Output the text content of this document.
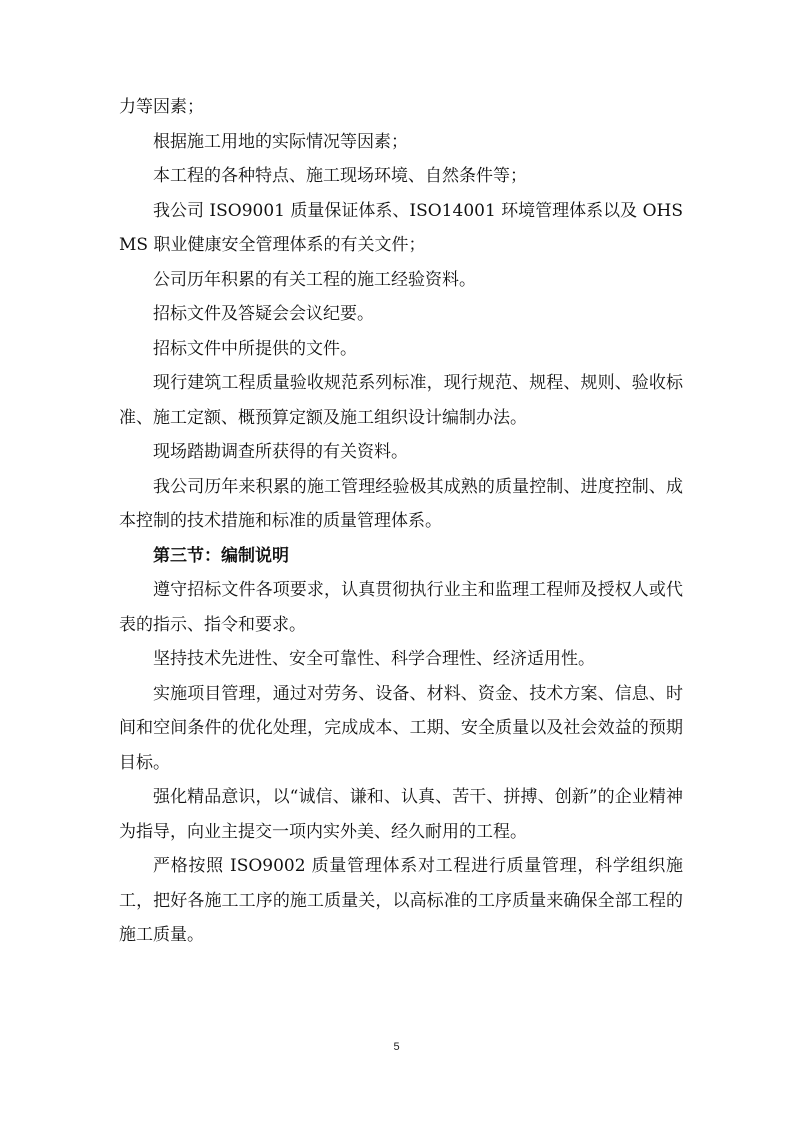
力等因素；

根据施工用地的实际情况等因素；

本工程的各种特点、施工现场环境、自然条件等；

我公司 ISO9001 质量保证体系、ISO14001 环境管理体系以及 OHSMS 职业健康安全管理体系的有关文件；

公司历年积累的有关工程的施工经验资料。

招标文件及答疑会会议纪要。

招标文件中所提供的文件。

现行建筑工程质量验收规范系列标准，现行规范、规程、规则、验收标准、施工定额、概预算定额及施工组织设计编制办法。

现场踏勘调查所获得的有关资料。

我公司历年来积累的施工管理经验极其成熟的质量控制、进度控制、成本控制的技术措施和标准的质量管理体系。

第三节：编制说明

遵守招标文件各项要求，认真贯彻执行业主和监理工程师及授权人或代表的指示、指令和要求。

坚持技术先进性、安全可靠性、科学合理性、经济适用性。

实施项目管理，通过对劳务、设备、材料、资金、技术方案、信息、时间和空间条件的优化处理，完成成本、工期、安全质量以及社会效益的预期目标。

强化精品意识，以“诚信、谦和、认真、苦干、拼搏、创新”的企业精神为指导，向业主提交一项内实外美、经久耐用的工程。

严格按照 ISO9002 质量管理体系对工程进行质量管理，科学组织施工，把好各施工工序的施工质量关，以高标准的工序质量来确保全部工程的施工质量。

5
